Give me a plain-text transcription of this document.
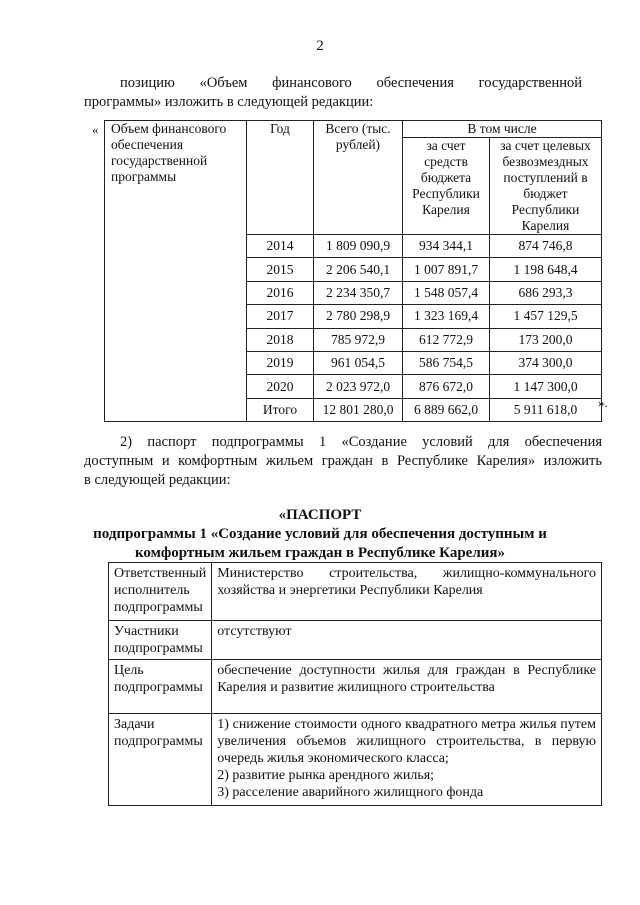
2
позицию «Объем финансового обеспечения государственной
программы» изложить в следующей редакции:
«
».
Объем финансового обеспечения государственной программы	Год	Всего (тыс. рублей)	В том числе	
			за счет средств бюджета Республики Карелия	за счет целевых безвозмездных поступлений в бюджет Республики Карелия
	2014	1 809 090,9	934 344,1	874 746,8
	2015	2 206 540,1	1 007 891,7	1 198 648,4
	2016	2 234 350,7	1 548 057,4	686 293,3
	2017	2 780 298,9	1 323 169,4	1 457 129,5
	2018	785 972,9	612 772,9	173 200,0
	2019	961 054,5	586 754,5	374 300,0
	2020	2 023 972,0	876 672,0	1 147 300,0
	Итого	12 801 280,0	6 889 662,0	5 911 618,0
2) паспорт подпрограммы 1 «Создание условий для обеспечения
доступным и комфортным жильем граждан в Республике Карелия» изложить
в следующей редакции:
«ПАСПОРТ
подпрограммы 1 «Создание условий для обеспечения доступным и
комфортным жильем граждан в Республике Карелия»
Ответственный исполнитель подпрограммы	Министерство строительства, жилищно-коммунального хозяйства и энергетики Республики Карелия
Участники подпрограммы	отсутствуют
Цель подпрограммы	обеспечение доступности жилья для граждан в Республике Карелия и развитие жилищного строительства
Задачи подпрограммы	1) снижение стоимости одного квадратного метра жилья путем увеличения объемов жилищного строительства, в первую очередь жилья экономического класса;
2) развитие рынка арендного жилья;
3) расселение аварийного жилищного фонда
